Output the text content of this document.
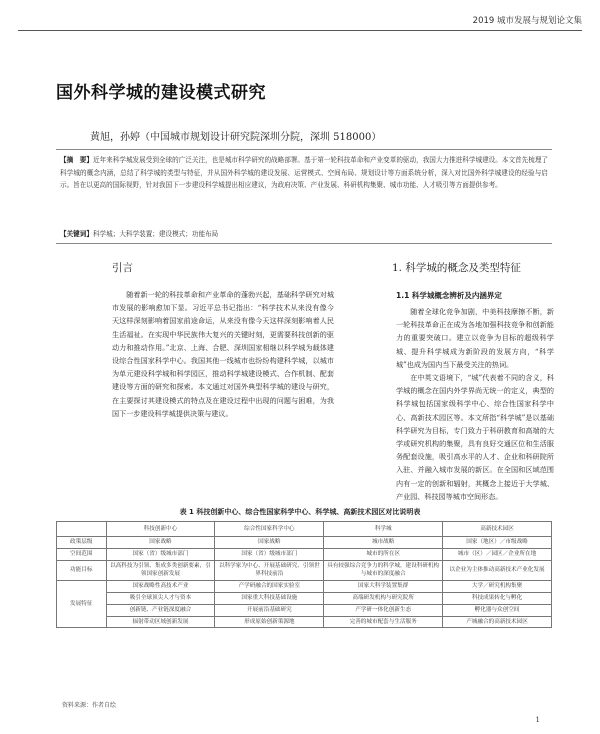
2019 城市发展与规划论文集
国外科学城的建设模式研究
黄旭，孙婷（中国城市规划设计研究院深圳分院，深圳 518000）
【摘　要】近年来科学城发展受到全球的广泛关注，也是城市科学研究的战略部署。基于第一轮科技革命和产业变革的驱动，我国大力推进科学城建设。本文首先梳理了科学城的概念内涵，总结了科学城的类型与特征，并从国外科学城的建设发展、运营模式、空间布局、规划设计等方面系统分析，深入对比国外科学城建设的经验与启示。旨在以更高的国际视野，针对我国下一步建设科学城提出相应建议，为政府决策、产业发展、科研机构集聚、城市功能、人才吸引等方面提供参考。
【关键词】科学城；大科学装置；建设模式；功能布局
引言
随着新一轮的科技革命和产业革命的蓬勃兴起，基础科学研究对城市发展的影响愈加下显。习近平总书记指出：“科学技术从来没有像今天这样深刻影响着国家前途命运，从来没有像今天这样深刻影响着人民生活福祉。在实现中华民族伟大复兴的关键时刻，更需要科技创新的驱动力和推动作用。”北京、上海、合肥、深圳国家相继以科学城为载体建设综合性国家科学中心。我国其他一线城市也纷纷构建科学城，以城市为单元建设科学城和科学园区，推动科学城建设模式、合作机制、配套建设等方面的研究和探索。本文通过对国外典型科学城的建设与研究，在主要探讨其建设模式的特点及在建设过程中出现的问题与困难，为我国下一步建设科学城提供决策与建议。
1. 科学城的概念及类型特征
1.1 科学城概念辨析及内涵界定

随着全球化竞争加剧，中美科技摩擦不断，新一轮科技革命正在成为各地加强科技竞争和创新能力的重要突破口。建立以竞争为目标的超级科学城、提升科学城成为新阶段的发展方向，“科学城”也成为国内当下最受关注的热词。

在中英文语境下，“城”代表着不同的含义，科学城的概念在国内外学界尚无统一的定义，典型的科学城包括国家级科学中心、综合性国家科学中心、高新技术园区等。本文所指“科学城”是以基础科学研究为目标，专门致力于科研教育和高端的大学或研究机构的集聚，具有良好交通区位和生活服务配套设施，吸引高水平的人才、企业和科研院所入驻、并融入城市发展的新区。在全国和区域范围内有一定的创新和辐射，其概念上接近于大学城、产业园、科技园等城市空间形态。

表 1 科技创新中心、综合性国家科学中心、科学城、高新技术园区对比说明表
	科技创新中心	综合性国家科学中心	科学城	高新技术园区
政策层级	国家战略	国家战略	城市战略	国家（地区）／市级战略
空间范围	国家（省）级城市部门	国家（省）级城市部门	城市的所在区	城市（区）／园区／企业所在地
功能目标	以高科技为引领、集成多类创新要素，引领国家创新发展	以科学家为中心、开展基础研究、引领世界科技前沿	具有较强综合竞争力的科学城，建设科研机构与城市的深度融合	以企业为主体推动高新技术产业化发展
发展特征	国家战略性高技术产业	产学研融合的国家实验室	国家大科学装置集群	大学／研究机构集聚
	吸引全球顶尖人才与资本	国家重大科技基础设施	高端研发机构与研究院所	科技成果转化与孵化
	创新链、产业链深度融合	开展前沿基础研究	产学研一体化创新生态	孵化器与众创空间
	辐射带动区域创新发展	形成原始创新策源地	完善的城市配套与生活服务	产城融合的高新技术园区
资料来源：作者自绘
1
